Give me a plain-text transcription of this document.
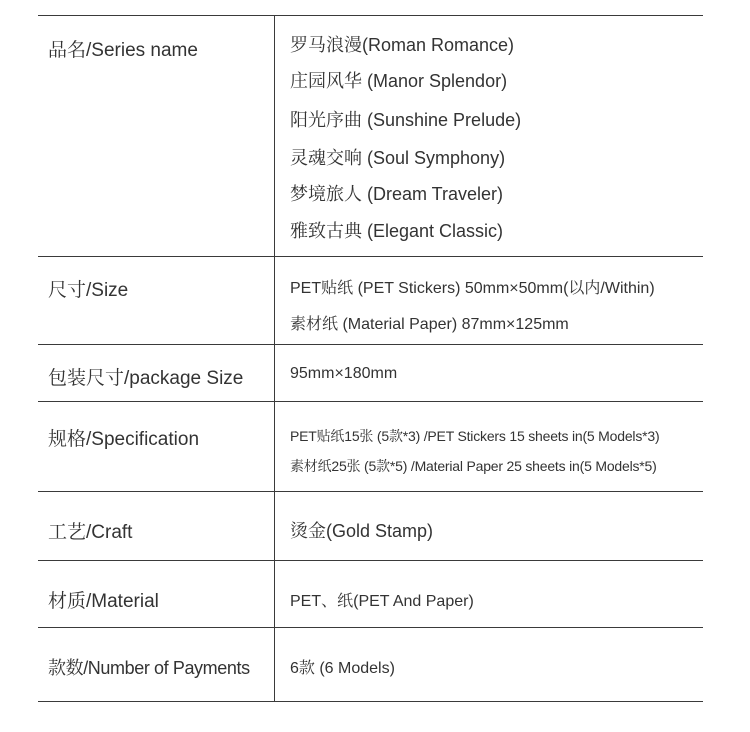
品名/Series name	罗马浪漫(Roman Romance)
庄园风华 (Manor Splendor)
阳光序曲 (Sunshine Prelude)
灵魂交响 (Soul Symphony)
梦境旅人 (Dream Traveler)
雅致古典 (Elegant Classic)
尺寸/Size	PET贴纸 (PET Stickers) 50mm×50mm(以内/Within)
素材纸 (Material Paper) 87mm×125mm
包装尺寸/package Size	95mm×180mm
规格/Specification	PET贴纸15张 (5款*3) /PET Stickers 15 sheets in(5 Models*3)
素材纸25张 (5款*5) /Material Paper 25 sheets in(5 Models*5)
工艺/Craft	烫金(Gold Stamp)
材质/Material	PET、纸(PET And Paper)
款数/Number of Payments	6款 (6 Models)
